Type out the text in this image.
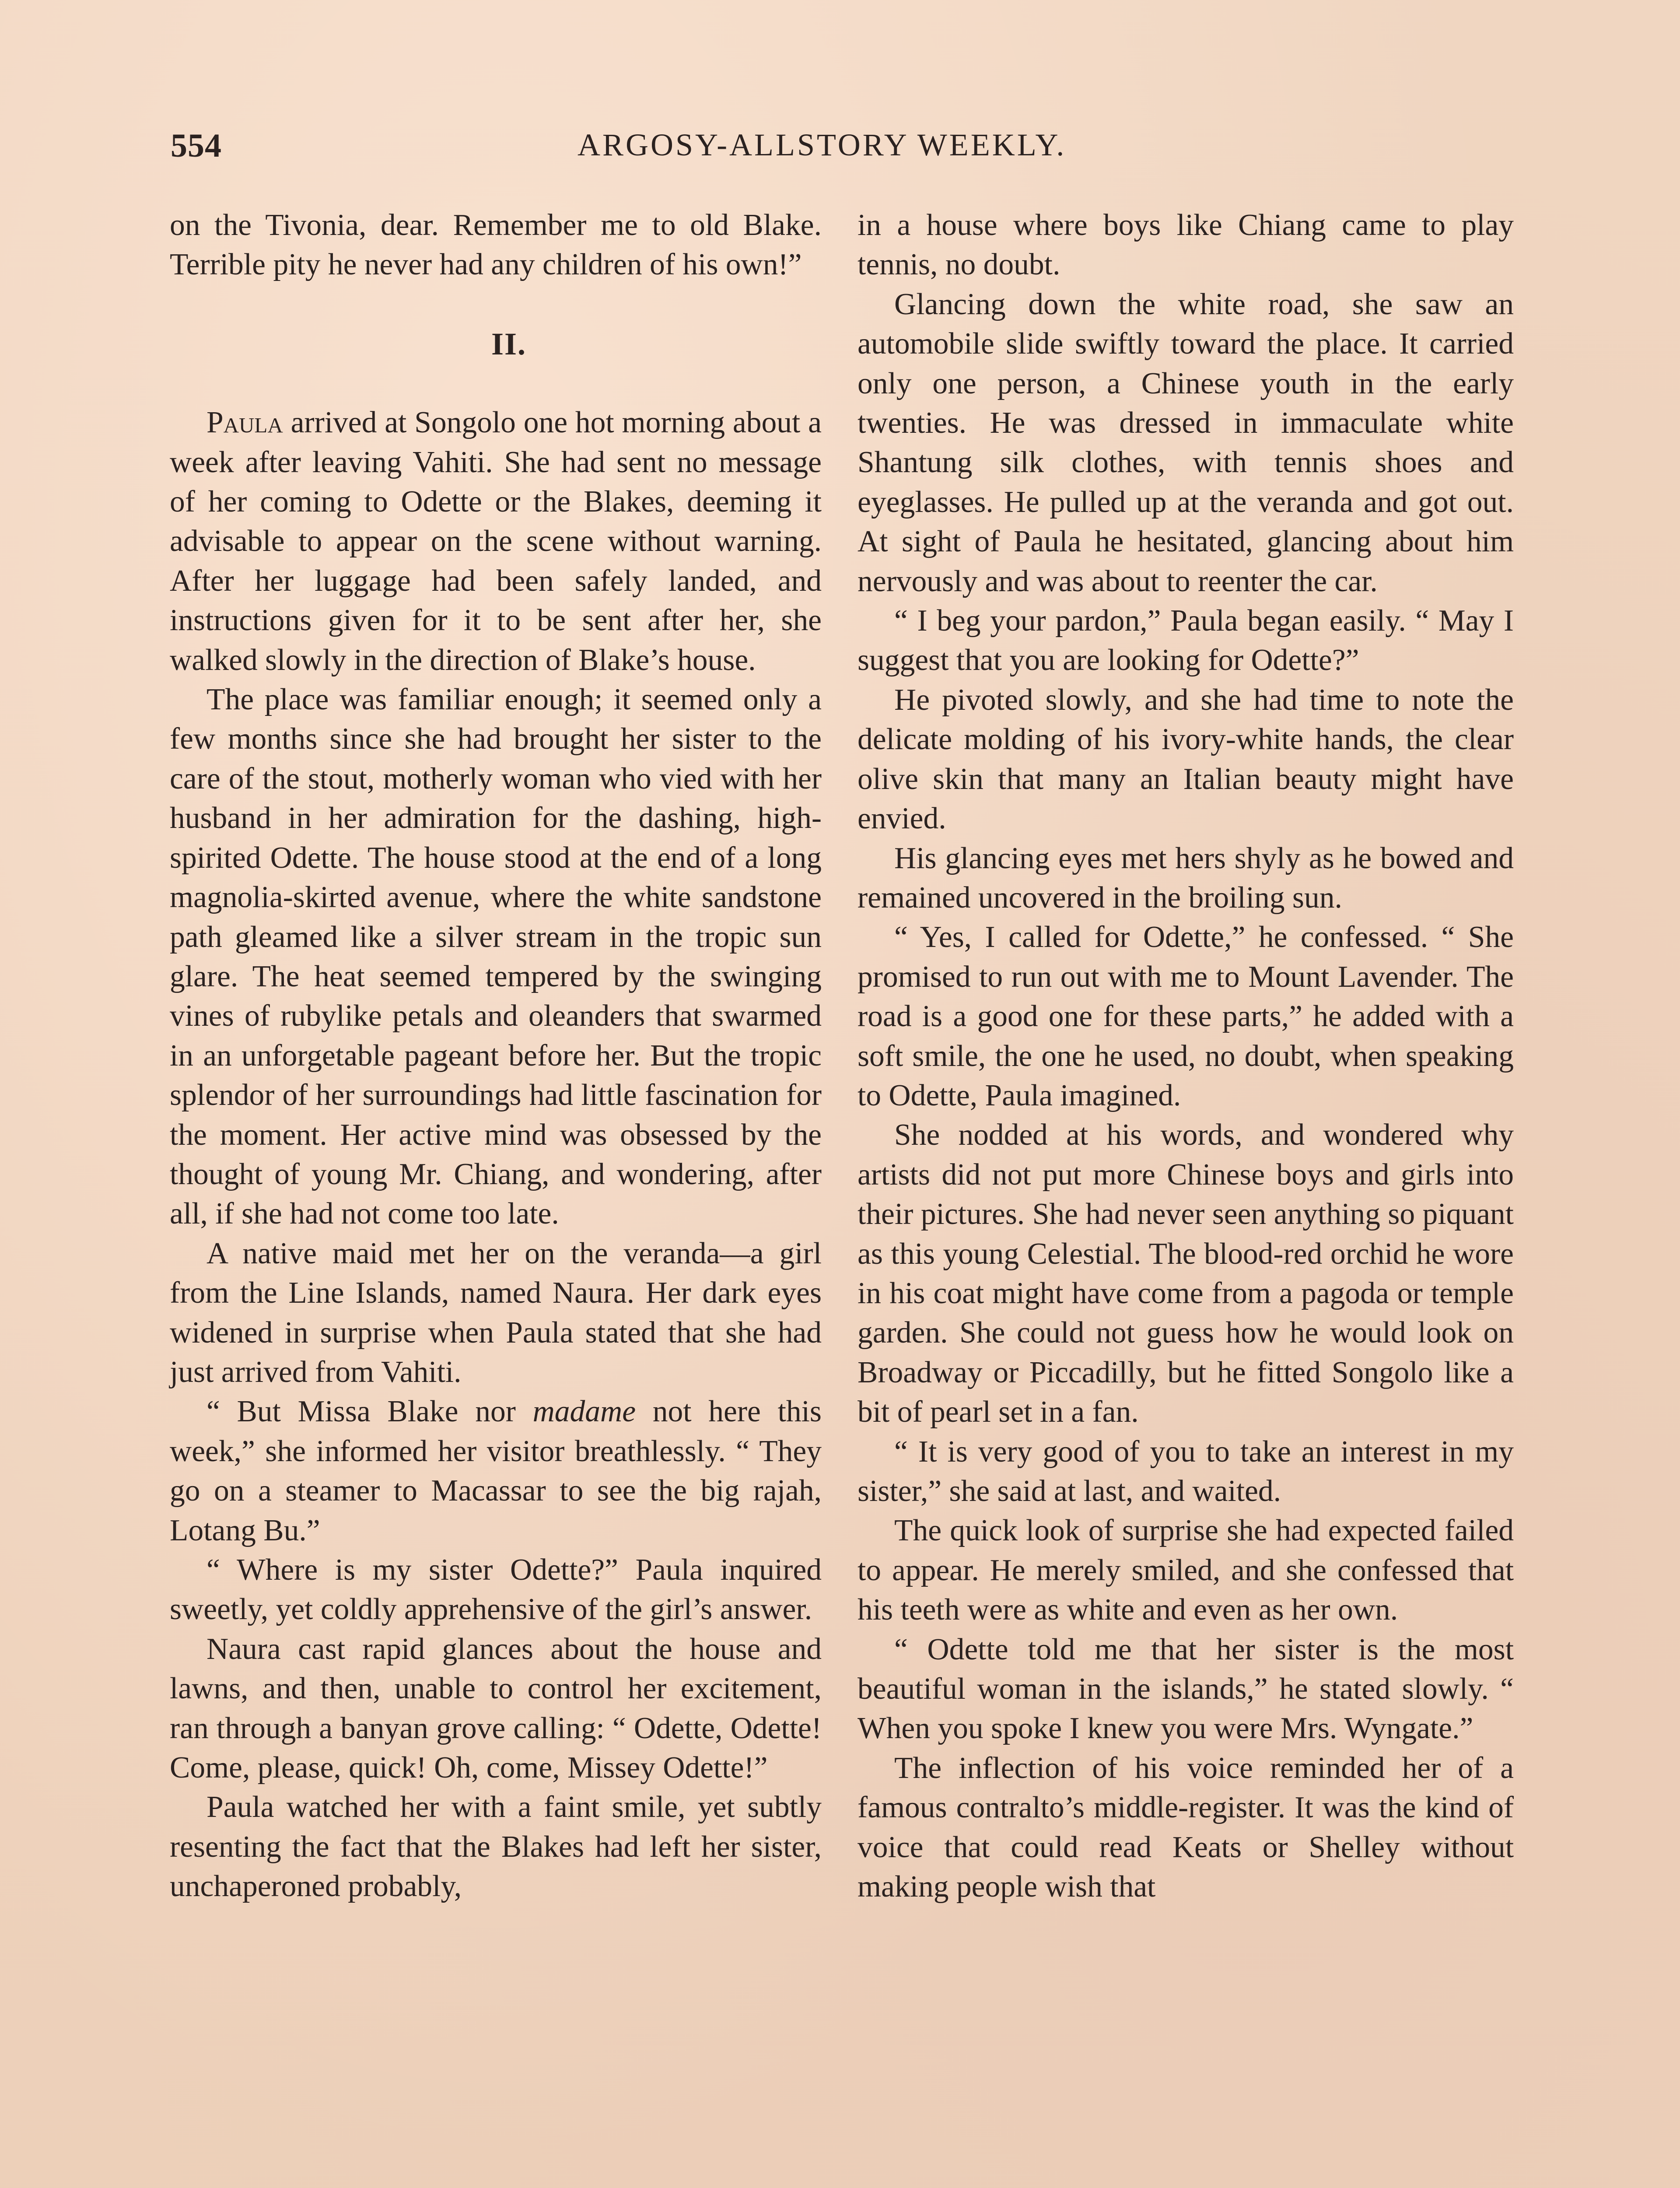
554	ARGOSY-ALLSTORY WEEKLY.

on the Tivonia, dear. Remember me to old Blake. Terrible pity he never had any children of his own!”

II.

Paula arrived at Songolo one hot morning about a week after leaving Vahiti. She had sent no message of her coming to Odette or the Blakes, deeming it advisable to appear on the scene without warning. After her luggage had been safely landed, and instructions given for it to be sent after her, she walked slowly in the direction of Blake’s house.

The place was familiar enough; it seemed only a few months since she had brought her sister to the care of the stout, motherly woman who vied with her husband in her admiration for the dashing, high-spirited Odette. The house stood at the end of a long magnolia-skirted avenue, where the white sandstone path gleamed like a silver stream in the tropic sun glare. The heat seemed tempered by the swinging vines of rubylike petals and oleanders that swarmed in an unforgetable pageant before her. But the tropic splendor of her surroundings had little fascination for the moment. Her active mind was obsessed by the thought of young Mr. Chiang, and wondering, after all, if she had not come too late.

A native maid met her on the veranda—a girl from the Line Islands, named Naura. Her dark eyes widened in surprise when Paula stated that she had just arrived from Vahiti.

“ But Missa Blake nor madame not here this week,” she informed her visitor breathlessly. “ They go on a steamer to Macassar to see the big rajah, Lotang Bu.”

“ Where is my sister Odette?” Paula inquired sweetly, yet coldly apprehensive of the girl’s answer.

Naura cast rapid glances about the house and lawns, and then, unable to control her excitement, ran through a banyan grove calling: “ Odette, Odette! Come, please, quick! Oh, come, Missey Odette!”

Paula watched her with a faint smile, yet subtly resenting the fact that the Blakes had left her sister, unchaperoned probably,

in a house where boys like Chiang came to play tennis, no doubt.

Glancing down the white road, she saw an automobile slide swiftly toward the place. It carried only one person, a Chinese youth in the early twenties. He was dressed in immaculate white Shantung silk clothes, with tennis shoes and eyeglasses. He pulled up at the veranda and got out. At sight of Paula he hesitated, glancing about him nervously and was about to reenter the car.

“ I beg your pardon,” Paula began easily. “ May I suggest that you are looking for Odette?”

He pivoted slowly, and she had time to note the delicate molding of his ivory-white hands, the clear olive skin that many an Italian beauty might have envied.

His glancing eyes met hers shyly as he bowed and remained uncovered in the broiling sun.

“ Yes, I called for Odette,” he confessed. “ She promised to run out with me to Mount Lavender. The road is a good one for these parts,” he added with a soft smile, the one he used, no doubt, when speaking to Odette, Paula imagined.

She nodded at his words, and wondered why artists did not put more Chinese boys and girls into their pictures. She had never seen anything so piquant as this young Celestial. The blood-red orchid he wore in his coat might have come from a pagoda or temple garden. She could not guess how he would look on Broadway or Piccadilly, but he fitted Songolo like a bit of pearl set in a fan.

“ It is very good of you to take an interest in my sister,” she said at last, and waited.

The quick look of surprise she had expected failed to appear. He merely smiled, and she confessed that his teeth were as white and even as her own.

“ Odette told me that her sister is the most beautiful woman in the islands,” he stated slowly. “ When you spoke I knew you were Mrs. Wyngate.”

The inflection of his voice reminded her of a famous contralto’s middle-register. It was the kind of voice that could read Keats or Shelley without making people wish that
